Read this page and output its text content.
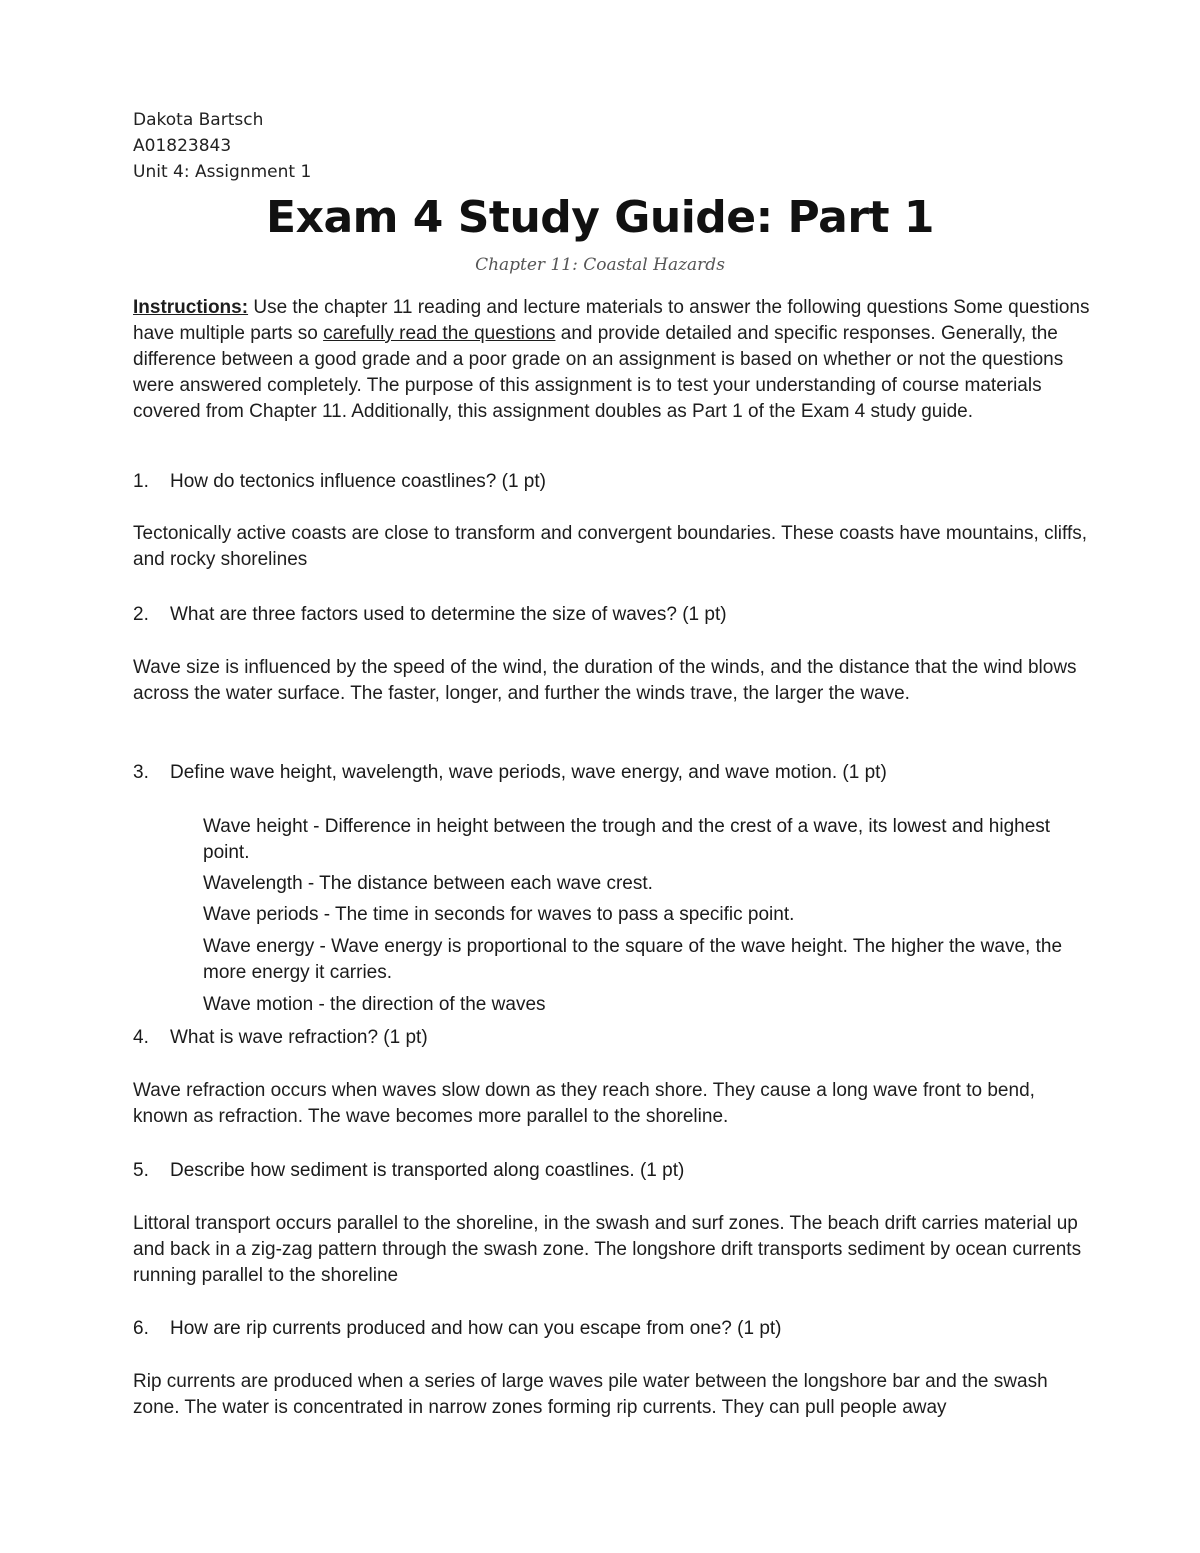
Dakota Bartsch
A01823843
Unit 4: Assignment 1
Exam 4 Study Guide: Part 1
Chapter 11: Coastal Hazards
Instructions: Use the chapter 11 reading and lecture materials to answer the following questions Some questions have multiple parts so carefully read the questions and provide detailed and specific responses. Generally, the difference between a good grade and a poor grade on an assignment is based on whether or not the questions were answered completely. The purpose of this assignment is to test your understanding of course materials covered from Chapter 11. Additionally, this assignment doubles as Part 1 of the Exam 4 study guide.
1. How do tectonics influence coastlines? (1 pt)
Tectonically active coasts are close to transform and convergent boundaries. These coasts have mountains, cliffs, and rocky shorelines
2. What are three factors used to determine the size of waves? (1 pt)
Wave size is influenced by the speed of the wind, the duration of the winds, and the distance that the wind blows across the water surface. The faster, longer, and further the winds trave, the larger the wave.
3. Define wave height, wavelength, wave periods, wave energy, and wave motion. (1 pt)
Wave height - Difference in height between the trough and the crest of a wave, its lowest and highest point.
Wavelength - The distance between each wave crest.
Wave periods - The time in seconds for waves to pass a specific point.
Wave energy - Wave energy is proportional to the square of the wave height. The higher the wave, the more energy it carries.
Wave motion - the direction of the waves
4. What is wave refraction? (1 pt)
Wave refraction occurs when waves slow down as they reach shore. They cause a long wave front to bend, known as refraction. The wave becomes more parallel to the shoreline.
5. Describe how sediment is transported along coastlines. (1 pt)
Littoral transport occurs parallel to the shoreline, in the swash and surf zones. The beach drift carries material up and back in a zig-zag pattern through the swash zone. The longshore drift transports sediment by ocean currents running parallel to the shoreline
6. How are rip currents produced and how can you escape from one? (1 pt)
Rip currents are produced when a series of large waves pile water between the longshore bar and the swash zone. The water is concentrated in narrow zones forming rip currents. They can pull people away
